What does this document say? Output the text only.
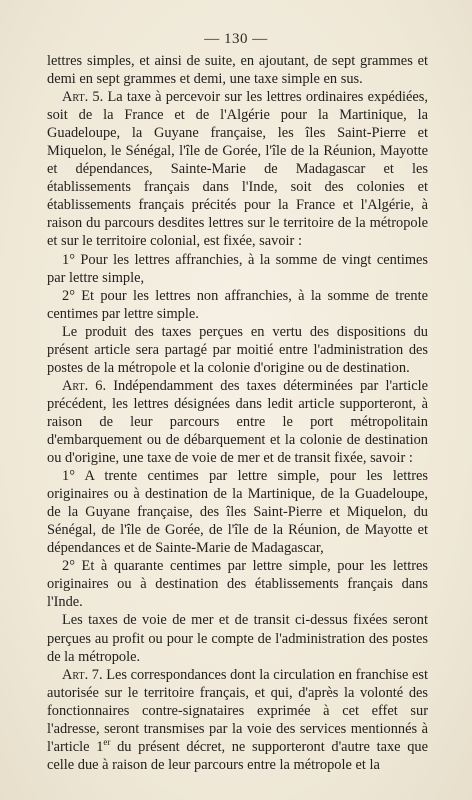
— 130 —

lettres simples, et ainsi de suite, en ajoutant, de sept grammes et demi en sept grammes et demi, une taxe simple en sus.

Art. 5. La taxe à percevoir sur les lettres ordinaires expédiées, soit de la France et de l'Algérie pour la Martinique, la Guadeloupe, la Guyane française, les îles Saint-Pierre et Miquelon, le Sénégal, l'île de Gorée, l'île de la Réunion, Mayotte et dépendances, Sainte-Marie de Madagascar et les établissements français dans l'Inde, soit des colonies et établissements français précités pour la France et l'Algérie, à raison du parcours desdites lettres sur le territoire de la métropole et sur le territoire colonial, est fixée, savoir :

1° Pour les lettres affranchies, à la somme de vingt centimes par lettre simple,

2° Et pour les lettres non affranchies, à la somme de trente centimes par lettre simple.

Le produit des taxes perçues en vertu des dispositions du présent article sera partagé par moitié entre l'administration des postes de la métropole et la colonie d'origine ou de destination.

Art. 6. Indépendamment des taxes déterminées par l'article précédent, les lettres désignées dans ledit article supporteront, à raison de leur parcours entre le port métropolitain d'embarquement ou de débarquement et la colonie de destination ou d'origine, une taxe de voie de mer et de transit fixée, savoir :

1° A trente centimes par lettre simple, pour les lettres originaires ou à destination de la Martinique, de la Guadeloupe, de la Guyane française, des îles Saint-Pierre et Miquelon, du Sénégal, de l'île de Gorée, de l'île de la Réunion, de Mayotte et dépendances et de Sainte-Marie de Madagascar,

2° Et à quarante centimes par lettre simple, pour les lettres originaires ou à destination des établissements français dans l'Inde.

Les taxes de voie de mer et de transit ci-dessus fixées seront perçues au profit ou pour le compte de l'administration des postes de la métropole.

Art. 7. Les correspondances dont la circulation en franchise est autorisée sur le territoire français, et qui, d'après la volonté des fonctionnaires contre-signataires exprimée à cet effet sur l'adresse, seront transmises par la voie des services mentionnés à l'article 1er du présent décret, ne supporteront d'autre taxe que celle due à raison de leur parcours entre la métropole et la
